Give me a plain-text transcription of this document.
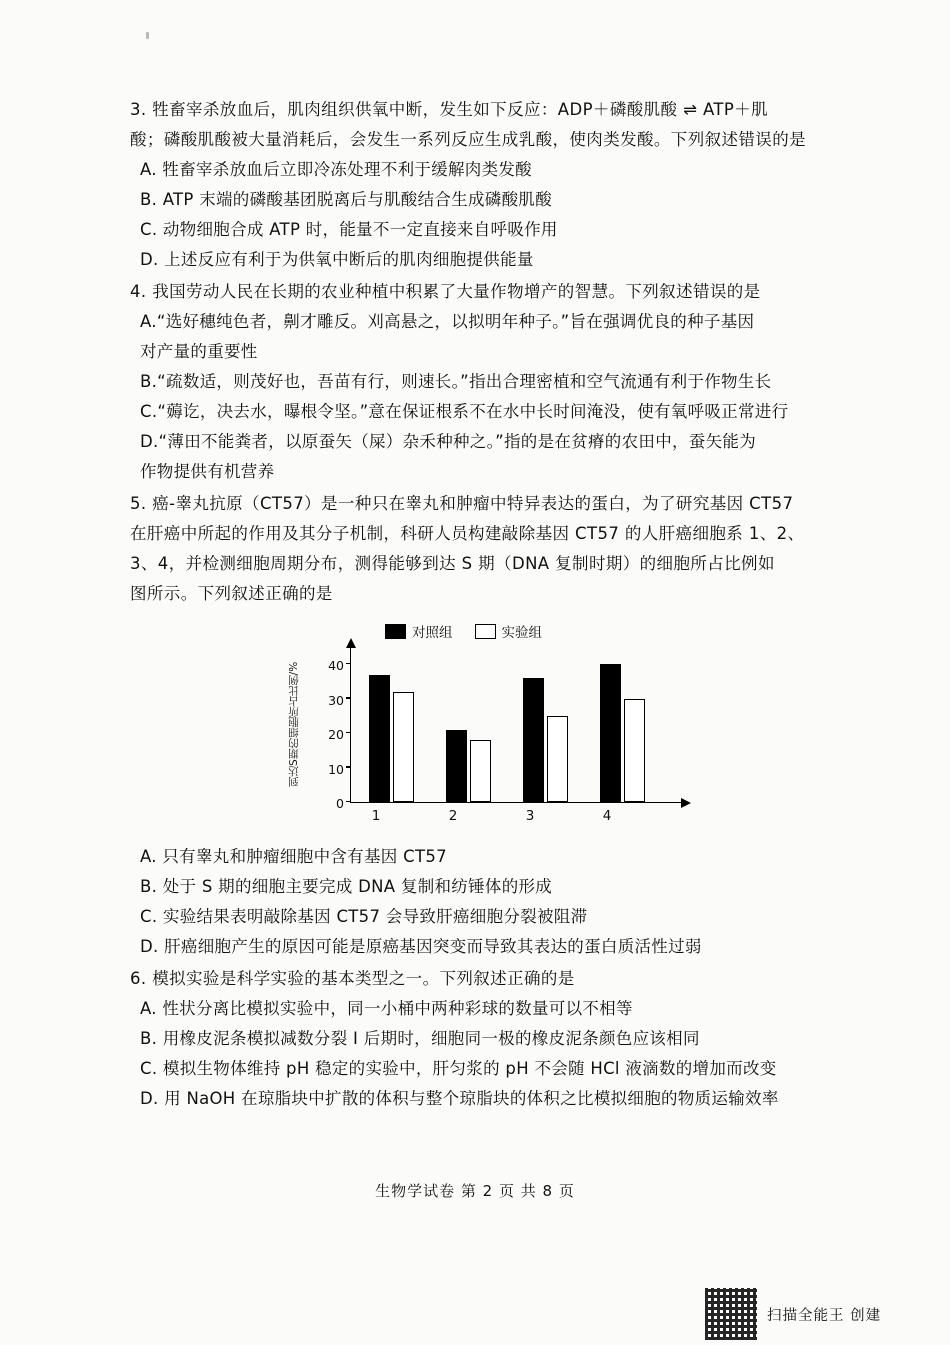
3. 牲畜宰杀放血后，肌肉组织供氧中断，发生如下反应：ADP＋磷酸肌酸 ⇌ ATP＋肌
酸；磷酸肌酸被大量消耗后，会发生一系列反应生成乳酸，使肉类发酸。下列叙述错误的是
A. 牲畜宰杀放血后立即冷冻处理不利于缓解肉类发酸
B. ATP 末端的磷酸基团脱离后与肌酸结合生成磷酸肌酸
C. 动物细胞合成 ATP 时，能量不一定直接来自呼吸作用
D. 上述反应有利于为供氧中断后的肌肉细胞提供能量
4. 我国劳动人民在长期的农业种植中积累了大量作物增产的智慧。下列叙述错误的是
A.“选好穗纯色者，劓才雕反。刈高悬之，以拟明年种子。”旨在强调优良的种子基因
对产量的重要性
B.“疏数适，则茂好也，吾苗有行，则速长。”指出合理密植和空气流通有利于作物生长
C.“薅讫，决去水，曝根令坚。”意在保证根系不在水中长时间淹没，使有氧呼吸正常进行
D.“薄田不能粪者，以原蚕矢（屎）杂禾种种之。”指的是在贫瘠的农田中，蚕矢能为
作物提供有机营养
5. 癌-睾丸抗原（CT57）是一种只在睾丸和肿瘤中特异表达的蛋白，为了研究基因 CT57
在肝癌中所起的作用及其分子机制，科研人员构建敲除基因 CT57 的人肝癌细胞系 1、2、
3、4，并检测细胞周期分布，测得能够到达 S 期（DNA 复制时期）的细胞所占比例如
图所示。下列叙述正确的是
对照组	实验组
到达S期的细胞所占比例/%
1	2	3	4
0
10
20
30
40
A. 只有睾丸和肿瘤细胞中含有基因 CT57
B. 处于 S 期的细胞主要完成 DNA 复制和纺锤体的形成
C. 实验结果表明敲除基因 CT57 会导致肝癌细胞分裂被阻滞
D. 肝癌细胞产生的原因可能是原癌基因突变而导致其表达的蛋白质活性过弱
6. 模拟实验是科学实验的基本类型之一。下列叙述正确的是
A. 性状分离比模拟实验中，同一小桶中两种彩球的数量可以不相等
B. 用橡皮泥条模拟减数分裂 I 后期时，细胞同一极的橡皮泥条颜色应该相同
C. 模拟生物体维持 pH 稳定的实验中，肝匀浆的 pH 不会随 HCl 液滴数的增加而改变
D. 用 NaOH 在琼脂块中扩散的体积与整个琼脂块的体积之比模拟细胞的物质运输效率
生物学试卷 第 2 页 共 8 页
扫描全能王 创建
